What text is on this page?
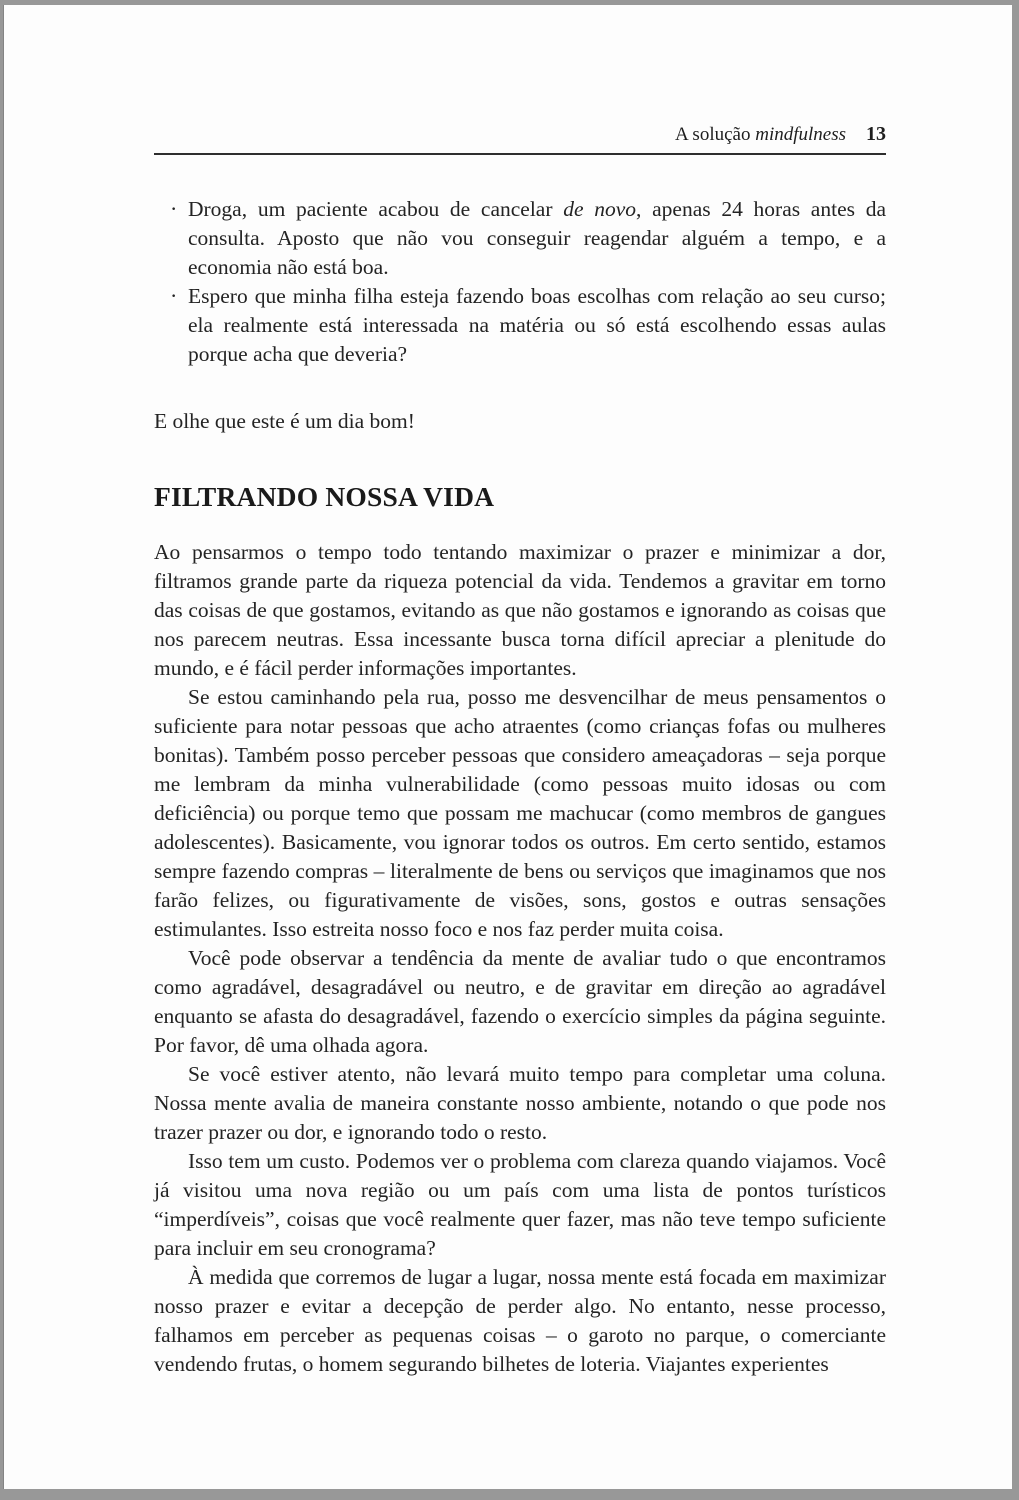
A solução mindfulness 13
· Droga, um paciente acabou de cancelar de novo, apenas 24 horas antes da consulta. Aposto que não vou conseguir reagendar alguém a tempo, e a economia não está boa.
· Espero que minha filha esteja fazendo boas escolhas com relação ao seu curso; ela realmente está interessada na matéria ou só está escolhendo essas aulas porque acha que deveria?

E olhe que este é um dia bom!

FILTRANDO NOSSA VIDA

Ao pensarmos o tempo todo tentando maximizar o prazer e minimizar a dor, filtramos grande parte da riqueza potencial da vida. Tendemos a gravitar em torno das coisas de que gostamos, evitando as que não gostamos e ignorando as coisas que nos parecem neutras. Essa incessante busca torna difícil apreciar a plenitude do mundo, e é fácil perder informações importantes.

Se estou caminhando pela rua, posso me desvencilhar de meus pensamentos o suficiente para notar pessoas que acho atraentes (como crianças fofas ou mulheres bonitas). Também posso perceber pessoas que considero ameaçadoras – seja porque me lembram da minha vulnerabilidade (como pessoas muito idosas ou com deficiência) ou porque temo que possam me machucar (como membros de gangues adolescentes). Basicamente, vou ignorar todos os outros. Em certo sentido, estamos sempre fazendo compras – literalmente de bens ou serviços que imaginamos que nos farão felizes, ou figurativamente de visões, sons, gostos e outras sensações estimulantes. Isso estreita nosso foco e nos faz perder muita coisa.

Você pode observar a tendência da mente de avaliar tudo o que encontramos como agradável, desagradável ou neutro, e de gravitar em direção ao agradável enquanto se afasta do desagradável, fazendo o exercício simples da página seguinte. Por favor, dê uma olhada agora.

Se você estiver atento, não levará muito tempo para completar uma coluna. Nossa mente avalia de maneira constante nosso ambiente, notando o que pode nos trazer prazer ou dor, e ignorando todo o resto.

Isso tem um custo. Podemos ver o problema com clareza quando viajamos. Você já visitou uma nova região ou um país com uma lista de pontos turísticos “imperdíveis”, coisas que você realmente quer fazer, mas não teve tempo suficiente para incluir em seu cronograma?

À medida que corremos de lugar a lugar, nossa mente está focada em maximizar nosso prazer e evitar a decepção de perder algo. No entanto, nesse processo, falhamos em perceber as pequenas coisas – o garoto no parque, o comerciante vendendo frutas, o homem segurando bilhetes de loteria. Viajantes experientes
